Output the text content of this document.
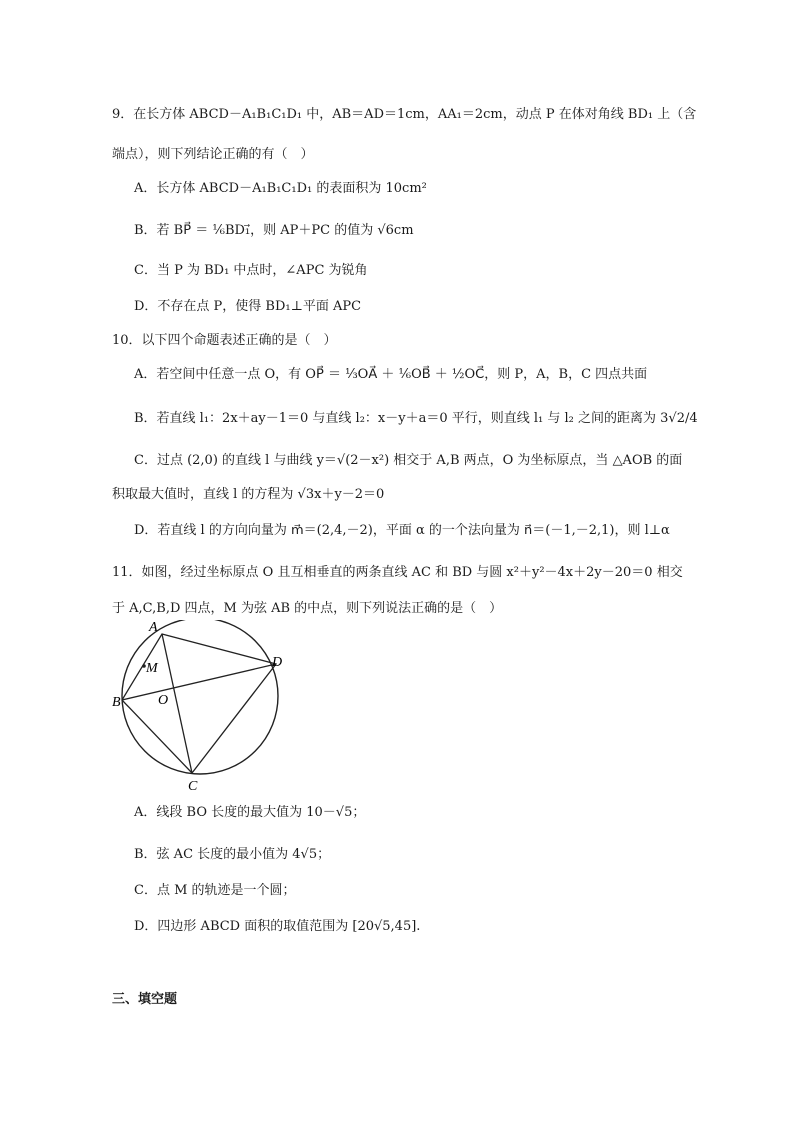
9．在长方体 ABCD－A₁B₁C₁D₁ 中，AB＝AD＝1cm，AA₁＝2cm，动点 P 在体对角线 BD₁ 上（含
端点），则下列结论正确的有（　）
A．长方体 ABCD－A₁B₁C₁D₁ 的表面积为 10cm²
B．若 BP⃗ ＝ ⅙BD₁⃗，则 AP＋PC 的值为 √6cm
C．当 P 为 BD₁ 中点时，∠APC 为锐角
D．不存在点 P，使得 BD₁⊥平面 APC
10．以下四个命题表述正确的是（　）
A．若空间中任意一点 O，有 OP⃗ ＝ ⅓OA⃗ ＋ ⅙OB⃗ ＋ ½OC⃗，则 P，A，B，C 四点共面
B．若直线 l₁：2x＋ay－1＝0 与直线 l₂：x－y＋a＝0 平行，则直线 l₁ 与 l₂ 之间的距离为 3√2/4
C．过点 (2,0) 的直线 l 与曲线 y＝√(2－x²) 相交于 A,B 两点，O 为坐标原点，当 △AOB 的面
积取最大值时，直线 l 的方程为 √3x＋y－2＝0
D．若直线 l 的方向向量为 m⃗＝(2,4,－2)，平面 α 的一个法向量为 n⃗＝(－1,－2,1)，则 l⊥α
11．如图，经过坐标原点 O 且互相垂直的两条直线 AC 和 BD 与圆 x²＋y²－4x＋2y－20＝0 相交
于 A,C,B,D 四点，M 为弦 AB 的中点，则下列说法正确的是（　）
A
B
C
D
M
O
A．线段 BO 长度的最大值为 10－√5；
B．弦 AC 长度的最小值为 4√5；
C．点 M 的轨迹是一个圆；
D．四边形 ABCD 面积的取值范围为 [20√5,45].
三、填空题
